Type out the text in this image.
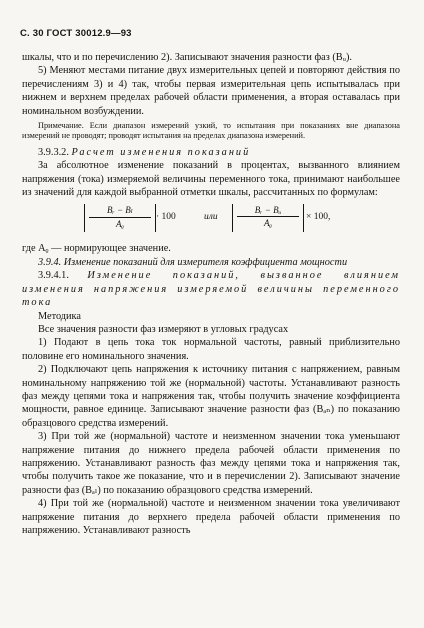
С. 30 ГОСТ 30012.9—93

шкалы, что и по перечислению 2). Записывают значения разности фаз (Bᵤ).

5) Меняют местами питание двух измерительных цепей и повторяют действия по перечислениям 3) и 4) так, чтобы первая измерительная цепь испытывалась при нижнем и верхнем пределах рабочей области применения, а вторая оставалась при номинальном возбуждении.

Примечание. Если диапазон измерений узкий, то испытания при показаниях вне диапазона измерений не проводят; проводят испытания на пределах диапазона измерений.

3.9.3.2. Расчет изменения показаний

За абсолютное изменение показаний в процентах, вызванного влиянием напряжения (тока) измеряемой величины переменного тока, принимают наибольшее из значений для каждой выбранной отметки шкалы, рассчитанных по формулам:

$\frac{\text{Bᵣ − Bₗ}}{\text{Aᵨ}} \cdot 100$	или $\frac{\text{Bᵣ − Bᵤ}}{\text{Aᵨ}} \times 100$,

где Aᵨ — нормирующее значение.

3.9.4. Изменение показаний для измерителя коэффициента мощности

3.9.4.1. Изменение показаний, вызванное влиянием изменения напряжения измеряемой величины переменного тока

Методика

Все значения разности фаз измеряют в угловых градусах

1) Подают в цепь тока ток нормальной частоты, равный приблизительно половине его номинального значения.

2) Подключают цепь напряжения к источнику питания с напряжением, равным номинальному напряжению той же (нормальной) частоты. Устанавливают разность фаз между цепями тока и напряжения так, чтобы получить значение коэффициента мощности, равное единице. Записывают значение разности фаз (Bₐₙ) по показанию образцового средства измерений.

3) При той же (нормальной) частоте и неизменном значении тока уменьшают напряжение питания до нижнего предела рабочей области применения по напряжению. Устанавливают разность фаз между цепями тока и напряжения так, чтобы получить такое же показание, что и в перечислении 2). Записывают значение разности фаз (Bₐₗ) по показанию образцового средства измерений.

4) При той же (нормальной) частоте и неизменном значении тока увеличивают напряжение питания до верхнего предела рабочей области применения по напряжению. Устанавливают разность
